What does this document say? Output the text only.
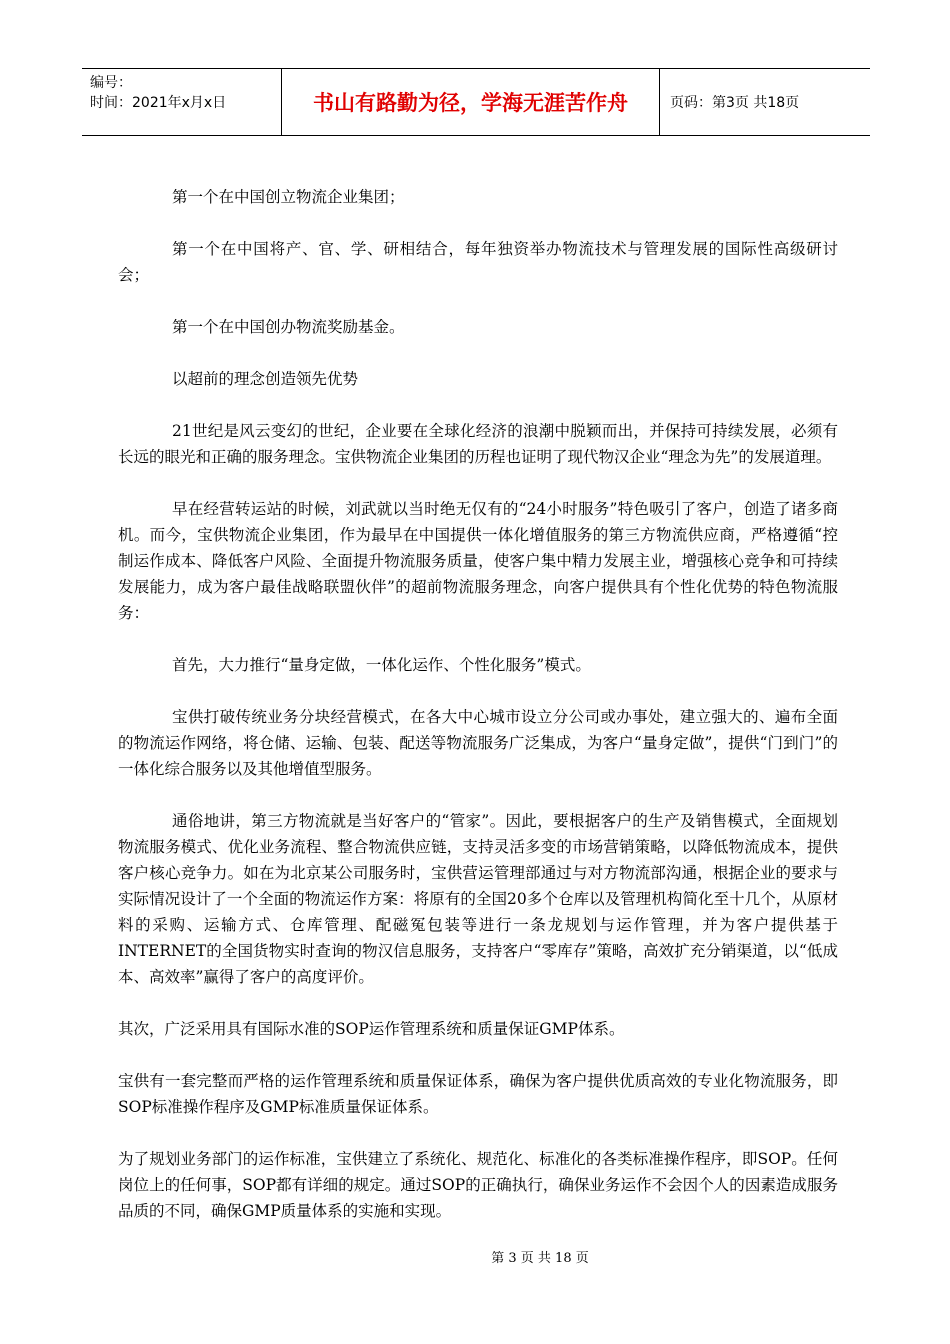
编号：
时间：2021年x月x日	书山有路勤为径，学海无涯苦作舟	页码：第3页 共18页

第一个在中国创立物流企业集团；

第一个在中国将产、官、学、研相结合，每年独资举办物流技术与管理发展的国际性高级研讨会；

第一个在中国创办物流奖励基金。

以超前的理念创造领先优势

21世纪是风云变幻的世纪，企业要在全球化经济的浪潮中脱颖而出，并保持可持续发展，必须有长远的眼光和正确的服务理念。宝供物流企业集团的历程也证明了现代物汉企业“理念为先”的发展道理。

早在经营转运站的时候，刘武就以当时绝无仅有的“24小时服务”特色吸引了客户，创造了诸多商机。而今，宝供物流企业集团，作为最早在中国提供一体化增值服务的第三方物流供应商，严格遵循“控制运作成本、降低客户风险、全面提升物流服务质量，使客户集中精力发展主业，增强核心竞争和可持续发展能力，成为客户最佳战略联盟伙伴”的超前物流服务理念，向客户提供具有个性化优势的特色物流服务：

首先，大力推行“量身定做，一体化运作、个性化服务”模式。

宝供打破传统业务分块经营模式，在各大中心城市设立分公司或办事处，建立强大的、遍布全面的物流运作网络，将仓储、运输、包装、配送等物流服务广泛集成，为客户“量身定做”，提供“门到门”的一体化综合服务以及其他增值型服务。

通俗地讲，第三方物流就是当好客户的“管家”。因此，要根据客户的生产及销售模式，全面规划物流服务模式、优化业务流程、整合物流供应链，支持灵活多变的市场营销策略，以降低物流成本，提供客户核心竞争力。如在为北京某公司服务时，宝供营运管理部通过与对方物流部沟通，根据企业的要求与实际情况设计了一个全面的物流运作方案：将原有的全国20多个仓库以及管理机构简化至十几个，从原材料的采购、运输方式、仓库管理、配磁冤包装等进行一条龙规划与运作管理，并为客户提供基于INTERNET的全国货物实时查询的物汉信息服务，支持客户“零库存”策略，高效扩充分销渠道，以“低成本、高效率”赢得了客户的高度评价。

其次，广泛采用具有国际水准的SOP运作管理系统和质量保证GMP体系。

宝供有一套完整而严格的运作管理系统和质量保证体系，确保为客户提供优质高效的专业化物流服务，即SOP标准操作程序及GMP标准质量保证体系。

为了规划业务部门的运作标准，宝供建立了系统化、规范化、标准化的各类标准操作程序，即SOP。任何岗位上的任何事，SOP都有详细的规定。通过SOP的正确执行，确保业务运作不会因个人的因素造成服务品质的不同，确保GMP质量体系的实施和实现。

第 3 页 共 18 页
